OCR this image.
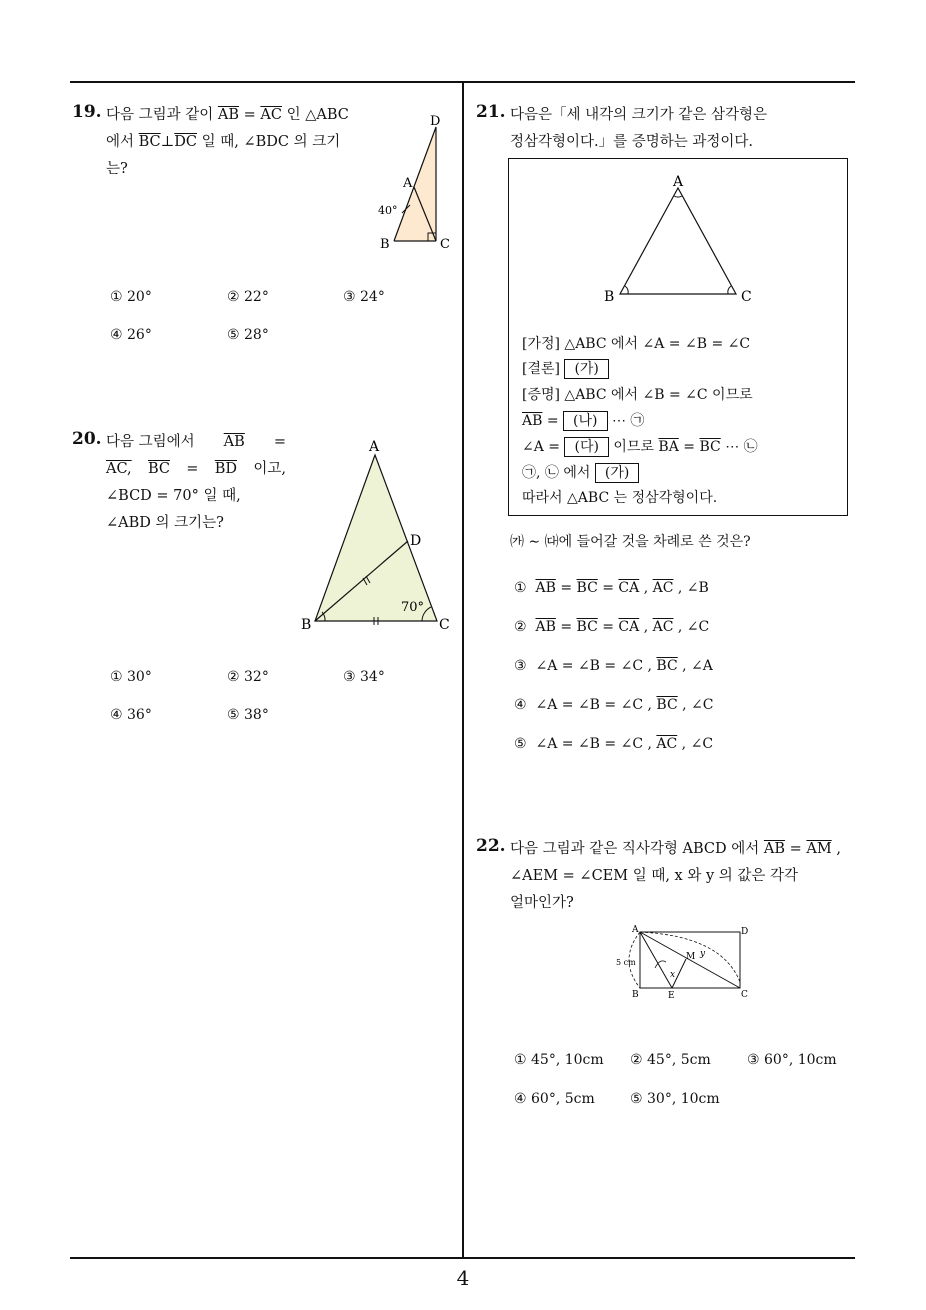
19. 다음 그림과 같이 $\overline{AB} = \overline{AC}$ 인 △ABC
에서 $\overline{BC}\perp\overline{DC}$ 일 때, ∠BDC 의 크기
는?
D
A
B	C
40°
① 20°	② 22°	③ 24°
④ 26°	⑤ 28°
20. 다음 그림에서 $\overline{AB}$ =
AC, $\overline{BC} = \overline{BD}$ 이고,
∠BCD = 70° 일 때,
∠ABD 의 크기는?
A
B	C
D
70°
① 30°	② 32°	③ 34°
④ 36°	⑤ 38°
21. 다음은「세 내각의 크기가 같은 삼각형은
정삼각형이다.」를 증명하는 과정이다.
A
B	C
[가정] △ABC 에서 ∠A = ∠B = ∠C
[결론] (가)
[증명] △ABC 에서 ∠B = ∠C 이므로
$\overline{AB}$ = (나) ⋯ ㉠
∠A = (다) 이므로 $\overline{BA} = \overline{BC}$ ⋯ ㉡
㉠, ㉡ 에서 (가)
따라서 △ABC 는 정삼각형이다.
㈎ ∼ ㈐에 들어갈 것을 차례로 쓴 것은?
① $\overline{AB} = \overline{BC} = \overline{CA}$ , $\overline{AC}$ , ∠B
② $\overline{AB} = \overline{BC} = \overline{CA}$ , $\overline{AC}$ , ∠C
③ ∠A = ∠B = ∠C , $\overline{BC}$ , ∠A
④ ∠A = ∠B = ∠C , $\overline{BC}$ , ∠C
⑤ ∠A = ∠B = ∠C , $\overline{AC}$ , ∠C
22. 다음 그림과 같은 직사각형 ABCD 에서 $\overline{AB} = \overline{AM}$ ,
∠AEM = ∠CEM 일 때, x 와 y 의 값은 각각
얼마인가?
A
B	C
D
E
M
x
y
5 cm
① 45°, 10cm ② 45°, 5cm	③ 60°, 10cm
④ 60°, 5cm	⑤ 30°, 10cm
4
